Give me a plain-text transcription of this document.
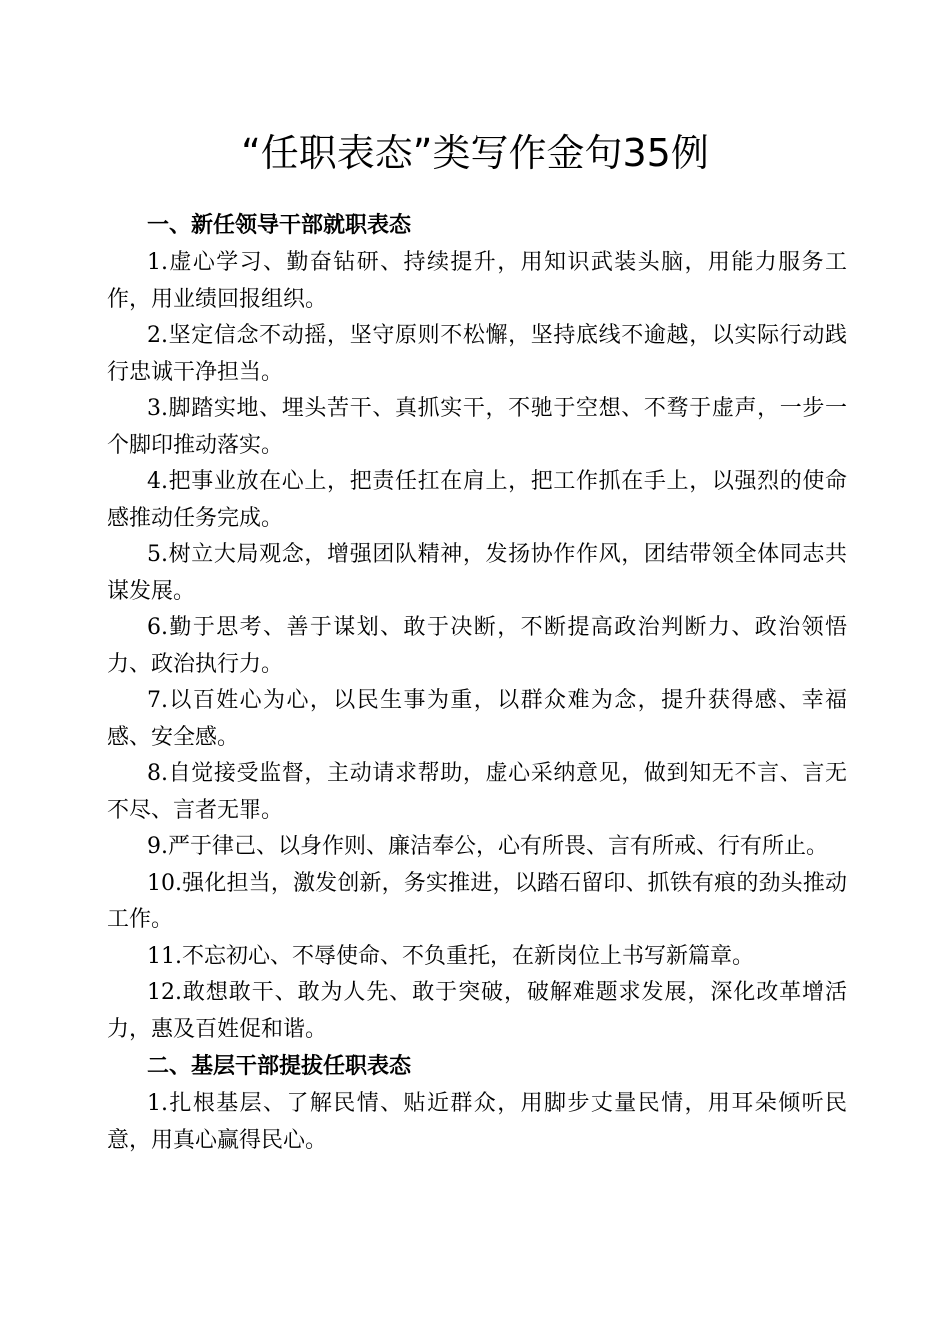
“任职表态”类写作金句35例
一、新任领导干部就职表态

1.虚心学习、勤奋钻研、持续提升，用知识武装头脑，用能力服务工作，用业绩回报组织。

2.坚定信念不动摇，坚守原则不松懈，坚持底线不逾越，以实际行动践行忠诚干净担当。

3.脚踏实地、埋头苦干、真抓实干，不驰于空想、不骛于虚声，一步一个脚印推动落实。

4.把事业放在心上，把责任扛在肩上，把工作抓在手上，以强烈的使命感推动任务完成。

5.树立大局观念，增强团队精神，发扬协作作风，团结带领全体同志共谋发展。

6.勤于思考、善于谋划、敢于决断，不断提高政治判断力、政治领悟力、政治执行力。

7.以百姓心为心，以民生事为重，以群众难为念，提升获得感、幸福感、安全感。

8.自觉接受监督，主动请求帮助，虚心采纳意见，做到知无不言、言无不尽、言者无罪。

9.严于律己、以身作则、廉洁奉公，心有所畏、言有所戒、行有所止。

10.强化担当，激发创新，务实推进，以踏石留印、抓铁有痕的劲头推动工作。

11.不忘初心、不辱使命、不负重托，在新岗位上书写新篇章。

12.敢想敢干、敢为人先、敢于突破，破解难题求发展，深化改革增活力，惠及百姓促和谐。

二、基层干部提拔任职表态

1.扎根基层、了解民情、贴近群众，用脚步丈量民情，用耳朵倾听民意，用真心赢得民心。
